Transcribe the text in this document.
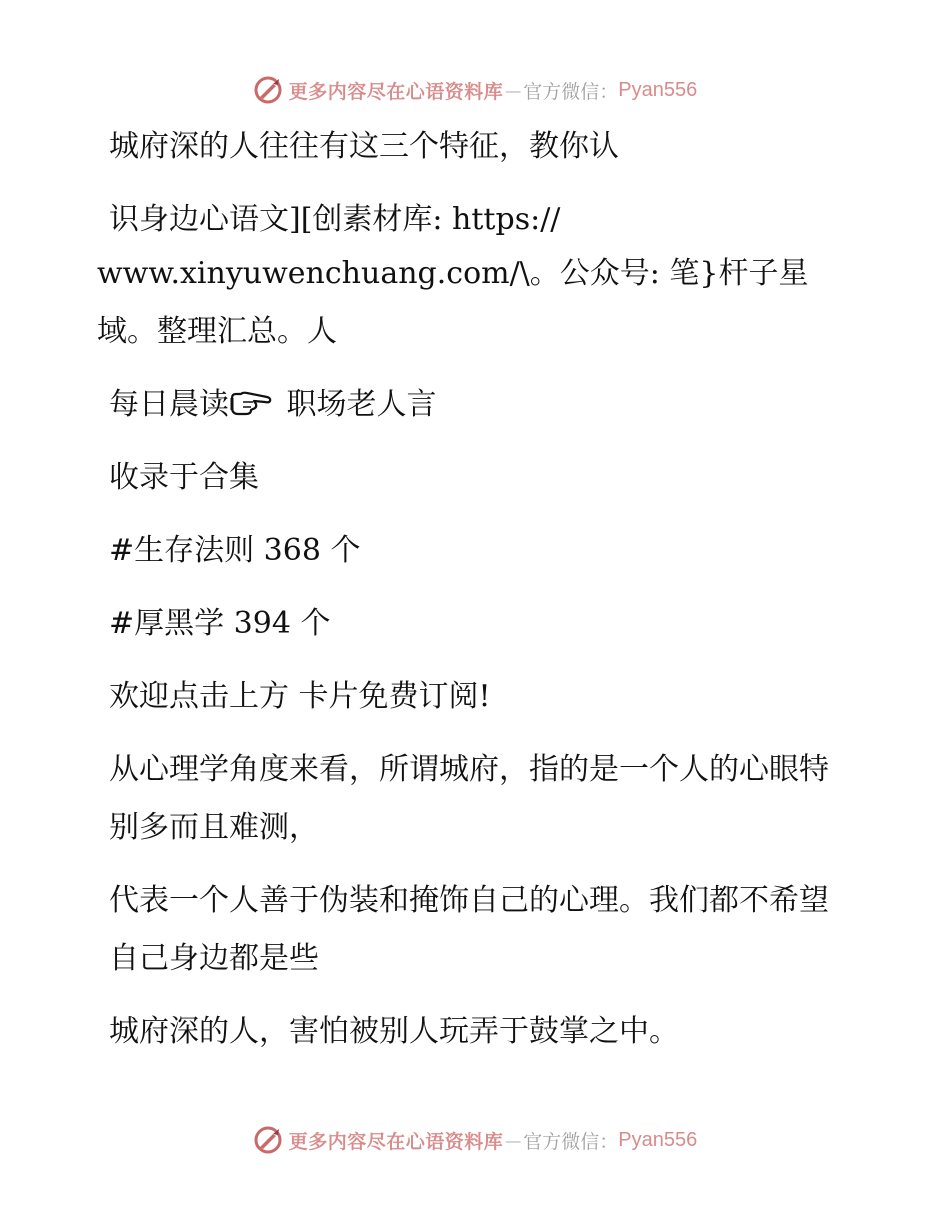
更多内容尽在心语资料库 — 官方微信： Pyan556

城府深的人往往有这三个特征，教你认

识身边心语文][创素材库: https://

www.xinyuwenchuang.com/\。公众号: 笔}杆子星域。整理汇总。人

每日晨读 职场老人言

收录于合集

#生存法则 368 个

#厚黑学 394 个

欢迎点击上方 卡片免费订阅!

从心理学角度来看，所谓城府，指的是一个人的心眼特别多而且难测，

代表一个人善于伪装和掩饰自己的心理。我们都不希望自己身边都是些

城府深的人，害怕被别人玩弄于鼓掌之中。

更多内容尽在心语资料库 — 官方微信： Pyan556
